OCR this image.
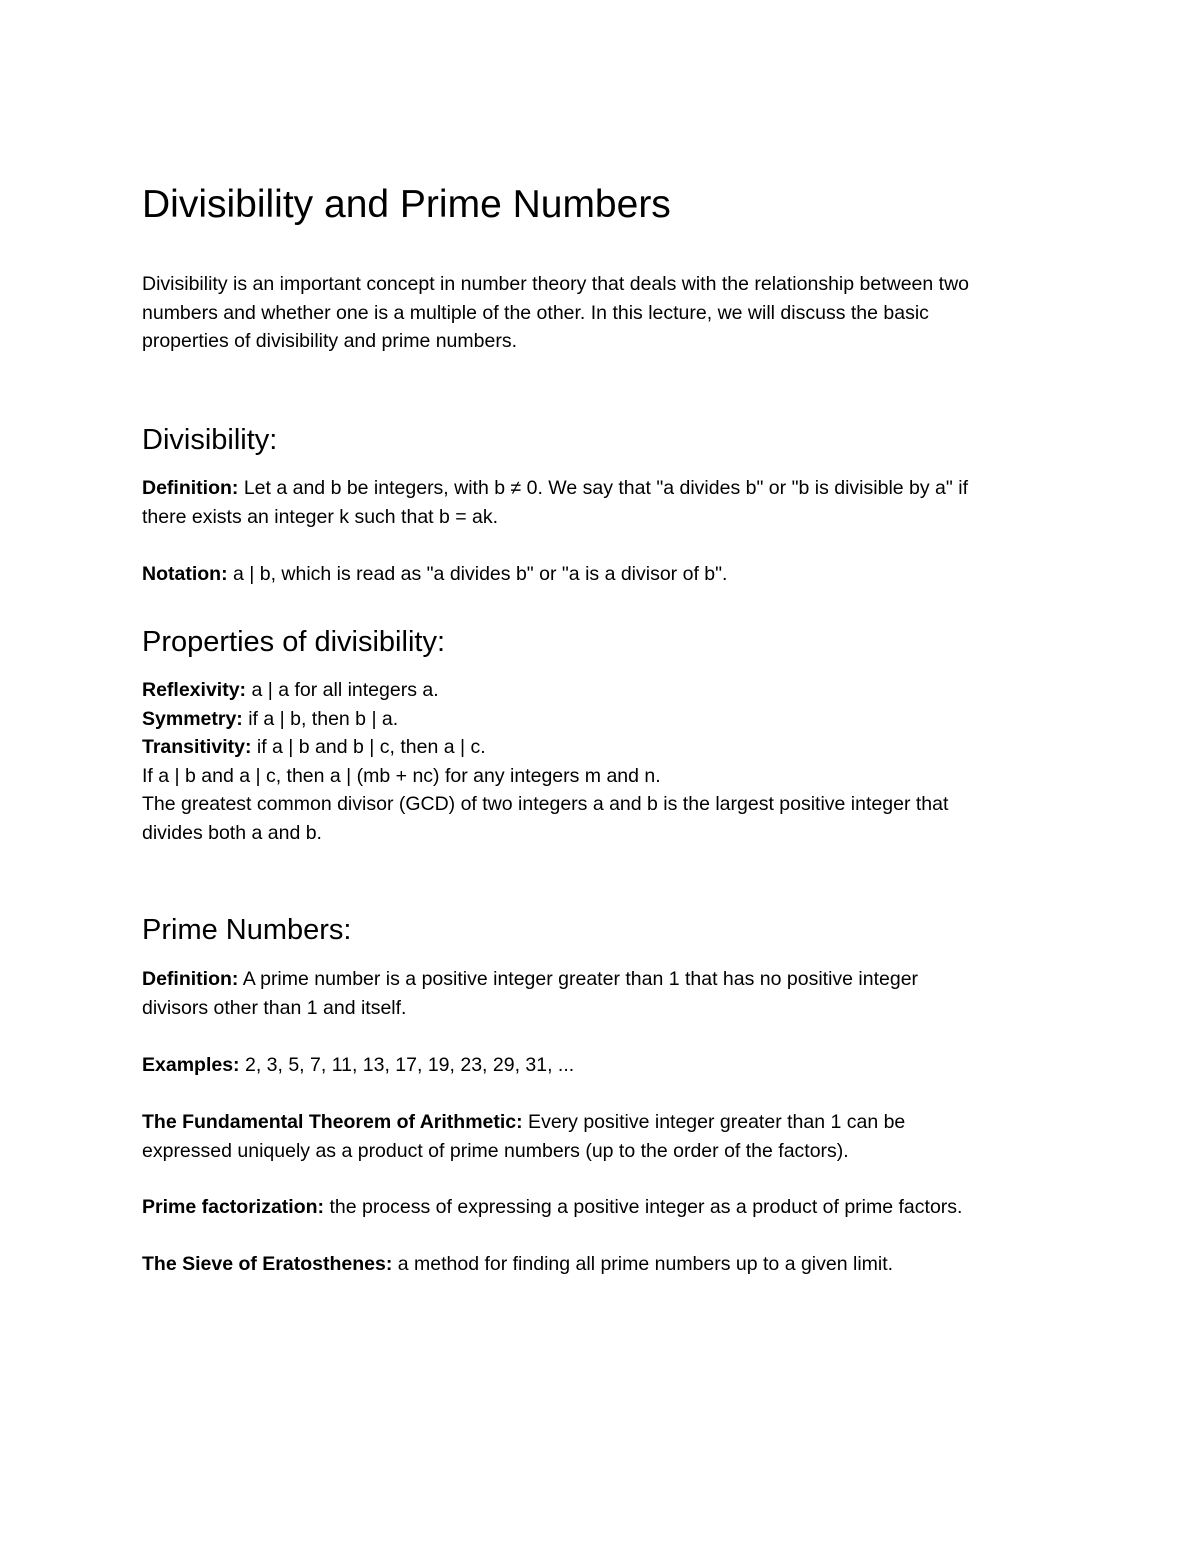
Divisibility and Prime Numbers

Divisibility is an important concept in number theory that deals with the relationship between two
numbers and whether one is a multiple of the other. In this lecture, we will discuss the basic
properties of divisibility and prime numbers.

Divisibility:

Definition: Let a and b be integers, with b ≠ 0. We say that "a divides b" or "b is divisible by a" if
there exists an integer k such that b = ak.

Notation: a | b, which is read as "a divides b" or "a is a divisor of b".

Properties of divisibility:

Reflexivity: a | a for all integers a.
Symmetry: if a | b, then b | a.
Transitivity: if a | b and b | c, then a | c.
If a | b and a | c, then a | (mb + nc) for any integers m and n.
The greatest common divisor (GCD) of two integers a and b is the largest positive integer that
divides both a and b.

Prime Numbers:

Definition: A prime number is a positive integer greater than 1 that has no positive integer
divisors other than 1 and itself.

Examples: 2, 3, 5, 7, 11, 13, 17, 19, 23, 29, 31, ...

The Fundamental Theorem of Arithmetic: Every positive integer greater than 1 can be
expressed uniquely as a product of prime numbers (up to the order of the factors).

Prime factorization: the process of expressing a positive integer as a product of prime factors.

The Sieve of Eratosthenes: a method for finding all prime numbers up to a given limit.
